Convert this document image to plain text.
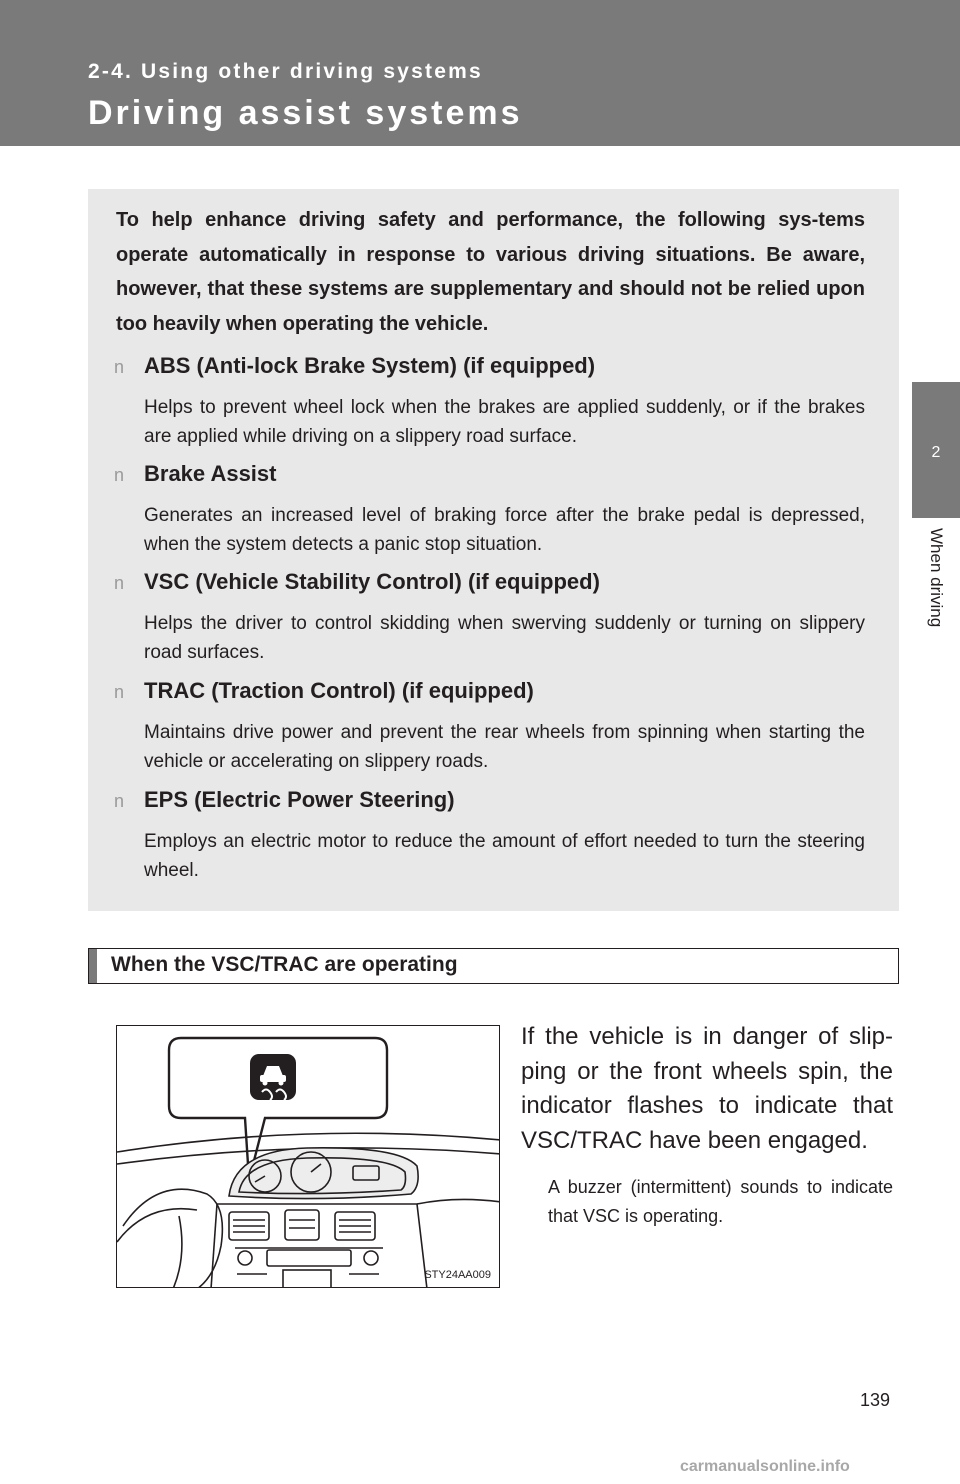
2-4. Using other driving systems
Driving assist systems
2
When driving

To help enhance driving safety and performance, the following sys-tems operate automatically in response to various driving situations. Be aware, however, that these systems are supplementary and should not be relied upon too heavily when operating the vehicle.

n ABS (Anti-lock Brake System) (if equipped)
Helps to prevent wheel lock when the brakes are applied suddenly, or if the brakes are applied while driving on a slippery road surface.
n Brake Assist
Generates an increased level of braking force after the brake pedal is depressed, when the system detects a panic stop situation.
n VSC (Vehicle Stability Control) (if equipped)
Helps the driver to control skidding when swerving suddenly or turning on slippery road surfaces.
n TRAC (Traction Control) (if equipped)
Maintains drive power and prevent the rear wheels from spinning when starting the vehicle or accelerating on slippery roads.
n EPS (Electric Power Steering)
Employs an electric motor to reduce the amount of effort needed to turn the steering wheel.
When the VSC/TRAC are operating
STY24AA009

If the vehicle is in danger of slip-ping or the front wheels spin, the indicator flashes to indicate that VSC/TRAC have been engaged.

A buzzer (intermittent) sounds to indicate that VSC is operating.

139
carmanualsonline.info
